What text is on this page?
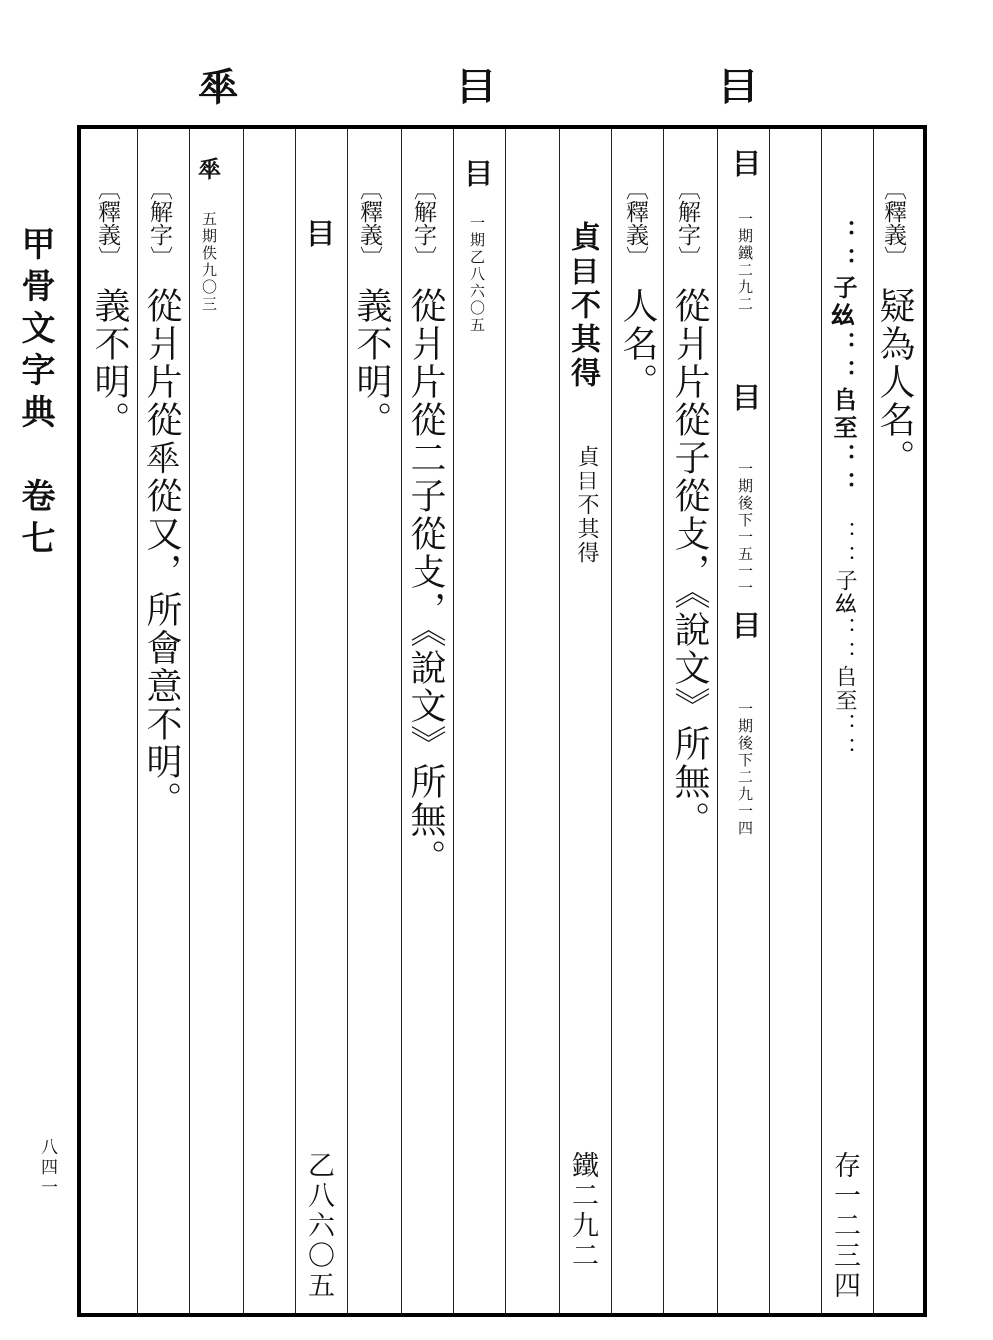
甲骨文字典　卷七
八四一
𤕪
𤕪
𠦬
〔釋義〕
疑為人名。
：：子𢆶：：𠂤至：：
：：子𢆶：：𠂤至：：
存一二三四
𤕪
一期鐵二九二
𤕪
一期後下一五一一
𤕪
一期後下二九一四
〔解字〕
從爿片從子從攴，《說文》所無。
〔釋義〕
人名。
貞𤕪不其得
貞𤕪不其得
鐵二九二
𤕪
一期乙八六〇五
〔解字〕
從爿片從二子從攴，《說文》所無。
〔釋義〕
義不明。
𤕪
乙八六〇五
𠦬
五期佚九〇三
〔解字〕
從爿片從𠦬從又，所會意不明。
〔釋義〕
義不明。
